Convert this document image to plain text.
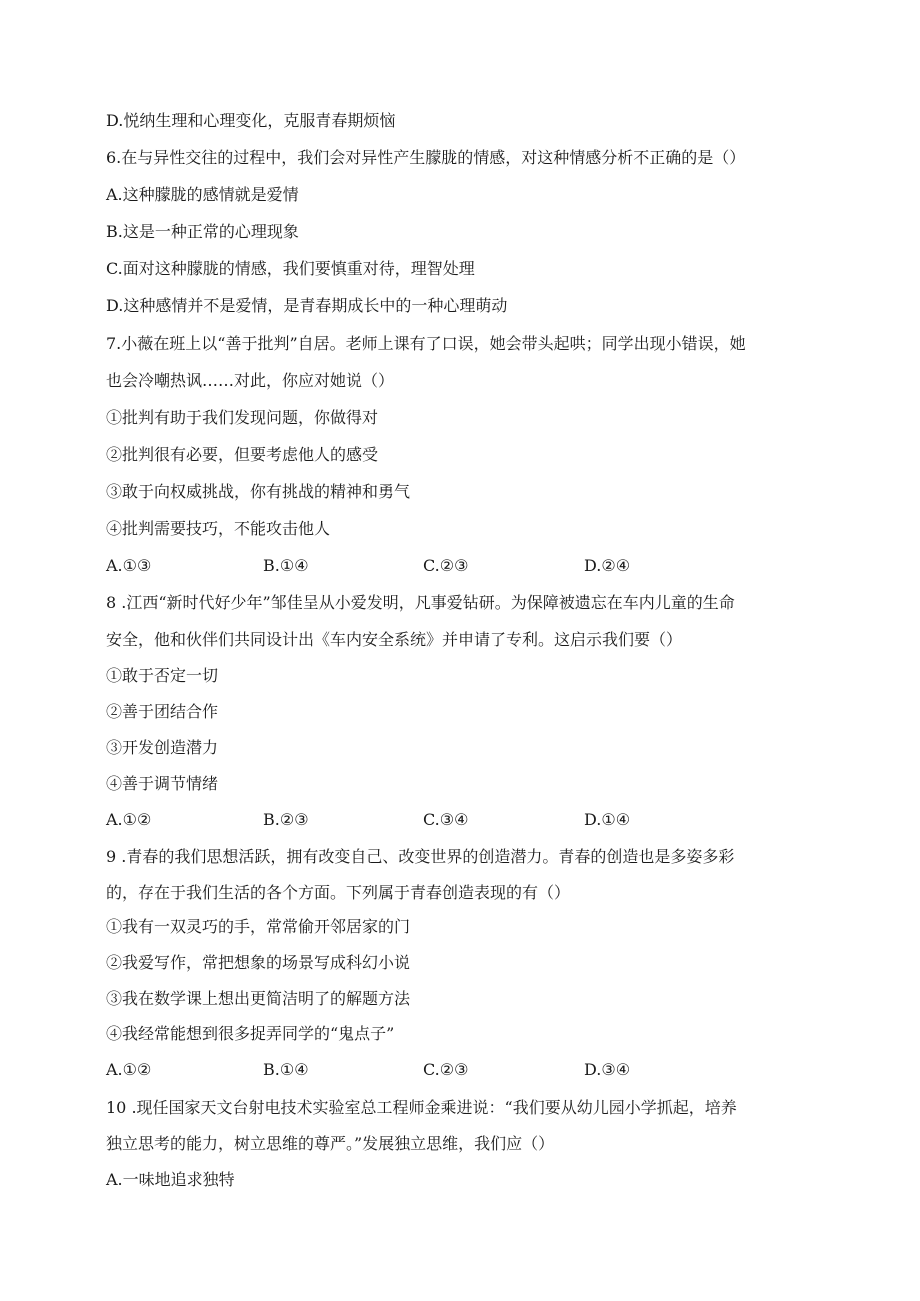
D.悦纳生理和心理变化，克服青春期烦恼
6.在与异性交往的过程中，我们会对异性产生朦胧的情感，对这种情感分析不正确的是（）
A.这种朦胧的感情就是爱情
B.这是一种正常的心理现象
C.面对这种朦胧的情感，我们要慎重对待，理智处理
D.这种感情并不是爱情，是青春期成长中的一种心理萌动
7.小薇在班上以“善于批判”自居。老师上课有了口误，她会带头起哄；同学出现小错误，她
也会冷嘲热讽……对此，你应对她说（）
①批判有助于我们发现问题，你做得对
②批判很有必要，但要考虑他人的感受
③敢于向权威挑战，你有挑战的精神和勇气
④批判需要技巧，不能攻击他人
A.①③	B.①④	C.②③	D.②④
8 .江西“新时代好少年”邹佳呈从小爱发明，凡事爱钻研。为保障被遗忘在车内儿童的生命
安全，他和伙伴们共同设计出《车内安全系统》并申请了专利。这启示我们要（）
①敢于否定一切
②善于团结合作
③开发创造潜力
④善于调节情绪
A.①②	B.②③	C.③④	D.①④
9 .青春的我们思想活跃，拥有改变自己、改变世界的创造潜力。青春的创造也是多姿多彩
的，存在于我们生活的各个方面。下列属于青春创造表现的有（）
①我有一双灵巧的手，常常偷开邻居家的门
②我爱写作，常把想象的场景写成科幻小说
③我在数学课上想出更简洁明了的解题方法
④我经常能想到很多捉弄同学的“鬼点子”
A.①②	B.①④	C.②③	D.③④
10 .现任国家天文台射电技术实验室总工程师金乘进说：“我们要从幼儿园小学抓起，培养
独立思考的能力，树立思维的尊严。”发展独立思维，我们应（）
A.一味地追求独特
